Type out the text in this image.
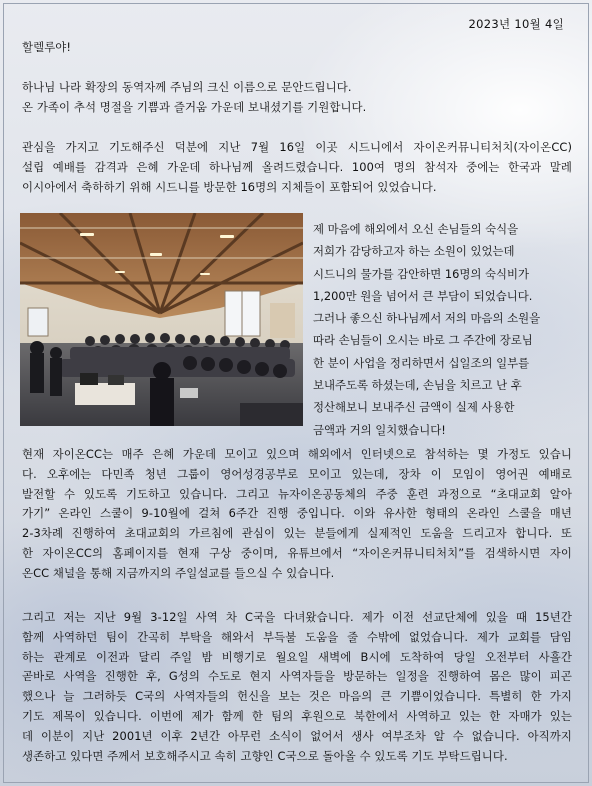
2023년 10월 4일

할렐루야!

하나님 나라 확장의 동역자께 주님의 크신 이름으로 문안드립니다.
온 가족이 추석 명절을 기쁨과 즐거움 가운데 보내셨기를 기원합니다.
관심을 가지고 기도해주신 덕분에 지난 7월 16일 이곳 시드니에서 자이온커뮤니티처치(자이온CC)
설립 예배를 감격과 은혜 가운데 하나님께 올려드렸습니다. 100여 명의 참석자 중에는 한국과 말레
이시아에서 축하하기 위해 시드니를 방문한 16명의 지체들이 포함되어 있었습니다.
제 마음에 해외에서 오신 손님들의 숙식을
저희가 감당하고자 하는 소원이 있었는데
시드니의 물가를 감안하면 16명의 숙식비가
1,200만 원을 넘어서 큰 부담이 되었습니다.
그러나 좋으신 하나님께서 저의 마음의 소원을
따라 손님들이 오시는 바로 그 주간에 장로님
한 분이 사업을 정리하면서 십일조의 일부를
보내주도록 하셨는데, 손님을 치르고 난 후
정산해보니 보내주신 금액이 실제 사용한
금액과 거의 일치했습니다!
현재 자이온CC는 매주 은혜 가운데 모이고 있으며 해외에서 인터넷으로 참석하는 몇 가정도 있습니
다. 오후에는 다민족 청년 그룹이 영어성경공부로 모이고 있는데, 장차 이 모임이 영어권 예배로
발전할 수 있도록 기도하고 있습니다. 그리고 뉴자이온공동체의 주중 훈련 과정으로 “초대교회 알아
가기” 온라인 스쿨이 9-10월에 걸쳐 6주간 진행 중입니다. 이와 유사한 형태의 온라인 스쿨을 매년
2-3차례 진행하여 초대교회의 가르침에 관심이 있는 분들에게 실제적인 도움을 드리고자 합니다. 또
한 자이온CC의 홈페이지를 현재 구상 중이며, 유튜브에서 “자이온커뮤니티처치”를 검색하시면 자이
온CC 채널을 통해 지금까지의 주일설교를 들으실 수 있습니다.
그리고 저는 지난 9월 3-12일 사역 차 C국을 다녀왔습니다. 제가 이전 선교단체에 있을 때 15년간
함께 사역하던 팀이 간곡히 부탁을 해와서 부득불 도움을 줄 수밖에 없었습니다. 제가 교회를 담임
하는 관계로 이전과 달리 주일 밤 비행기로 월요일 새벽에 B시에 도착하여 당일 오전부터 사흘간
곧바로 사역을 진행한 후, G성의 수도로 현지 사역자들을 방문하는 일정을 진행하여 몸은 많이 피곤
했으나 늘 그러하듯 C국의 사역자들의 헌신을 보는 것은 마음의 큰 기쁨이었습니다. 특별히 한 가지
기도 제목이 있습니다. 이번에 제가 함께 한 팀의 후원으로 북한에서 사역하고 있는 한 자매가 있는
데 이분이 지난 2001년 이후 2년간 아무런 소식이 없어서 생사 여부조차 알 수 없습니다. 아직까지
생존하고 있다면 주께서 보호해주시고 속히 고향인 C국으로 돌아올 수 있도록 기도 부탁드립니다.
